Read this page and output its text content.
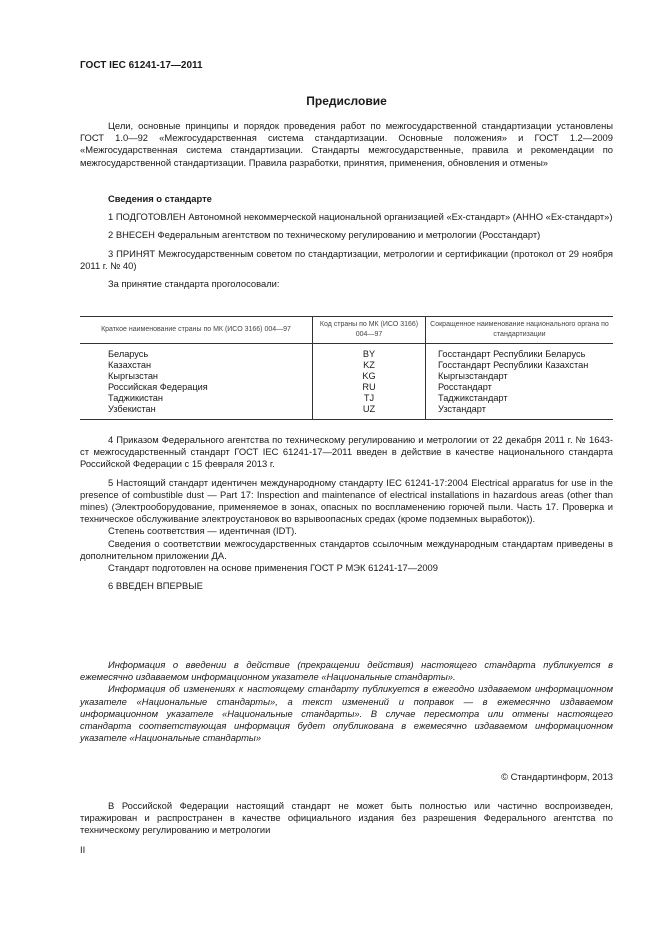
ГОСТ IEC 61241-17—2011
Предисловие

Цели, основные принципы и порядок проведения работ по межгосударственной стандартизации установлены ГОСТ 1.0—92 «Межгосударственная система стандартизации. Основные положения» и ГОСТ 1.2—2009 «Межгосударственная система стандартизации. Стандарты межгосударственные, правила и рекомендации по межгосударственной стандартизации. Правила разработки, принятия, применения, обновления и отмены»

Сведения о стандарте

1 ПОДГОТОВЛЕН Автономной некоммерческой национальной организацией «Ех-стандарт» (АННО «Ех-стандарт»)

2 ВНЕСЕН Федеральным агентством по техническому регулированию и метрологии (Росстандарт)

3 ПРИНЯТ Межгосударственным советом по стандартизации, метрологии и сертификации (протокол от 29 ноября 2011 г. № 40)

За принятие стандарта проголосовали:

Краткое наименование страны по МК (ИСО 3166) 004—97	Код страны по МК (ИСО 3166) 004—97	Сокращенное наименование национального органа по стандартизации
Беларусь	BY	Госстандарт Республики Беларусь
Казахстан	KZ	Госстандарт Республики Казахстан
Кыргызстан	KG	Кыргызстандарт
Российская Федерация	RU	Росстандарт
Таджикистан	TJ	Таджикстандарт
Узбекистан	UZ	Узстандарт

4 Приказом Федерального агентства по техническому регулированию и метрологии от 22 декабря 2011 г. № 1643-ст межгосударственный стандарт ГОСТ IEC 61241-17—2011 введен в действие в качестве национального стандарта Российской Федерации с 15 февраля 2013 г.

5 Настоящий стандарт идентичен международному стандарту IEC 61241-17:2004 Electrical apparatus for use in the presence of combustible dust — Part 17: Inspection and maintenance of electrical installations in hazardous areas (other than mines) (Электрооборудование, применяемое в зонах, опасных по воспламенению горючей пыли. Часть 17. Проверка и техническое обслуживание электроустановок во взрывоопасных средах (кроме подземных выработок)).

Степень соответствия — идентичная (IDT).

Сведения о соответствии межгосударственных стандартов ссылочным международным стандартам приведены в дополнительном приложении ДА.

Стандарт подготовлен на основе применения ГОСТ Р МЭК 61241-17—2009

6 ВВЕДЕН ВПЕРВЫЕ

Информация о введении в действие (прекращении действия) настоящего стандарта публикуется в ежемесячно издаваемом информационном указателе «Национальные стандарты».

Информация об изменениях к настоящему стандарту публикуется в ежегодно издаваемом информационном указателе «Национальные стандарты», а текст изменений и поправок — в ежемесячно издаваемом информационном указателе «Национальные стандарты». В случае пересмотра или отмены настоящего стандарта соответствующая информация будет опубликована в ежемесячно издаваемом информационном указателе «Национальные стандарты»

© Стандартинформ, 2013

В Российской Федерации настоящий стандарт не может быть полностью или частично воспроизведен, тиражирован и распространен в качестве официального издания без разрешения Федерального агентства по техническому регулированию и метрологии

II
